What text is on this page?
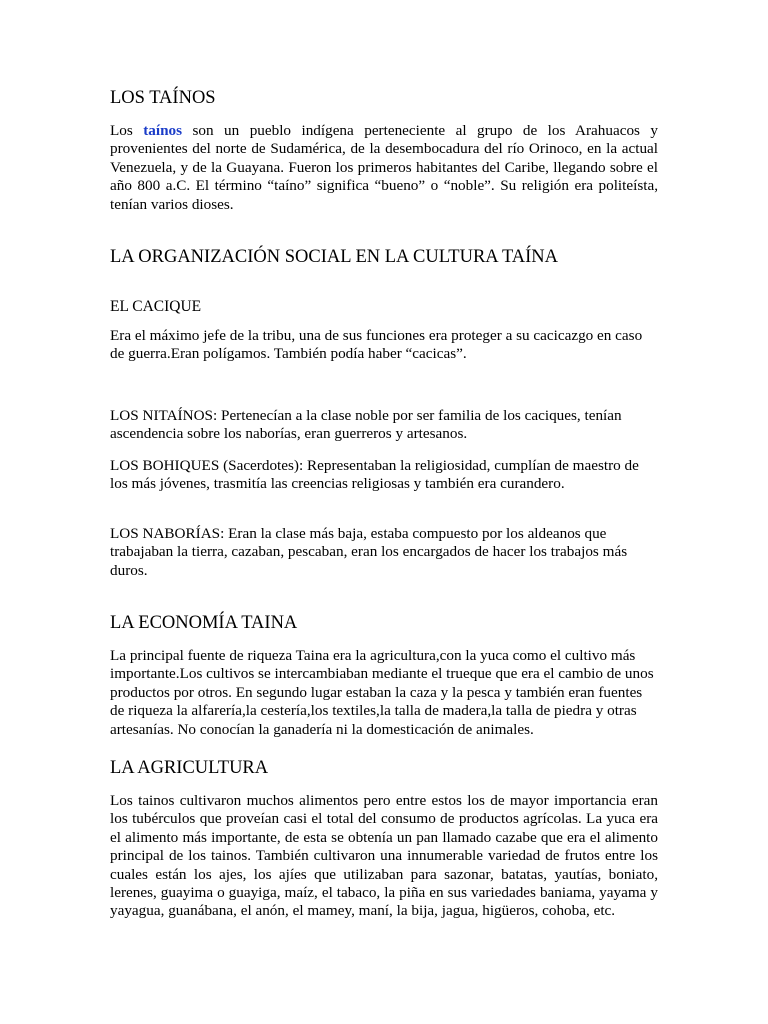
LOS TAÍNOS

Los taínos son un pueblo indígena perteneciente al grupo de los Arahuacos y provenientes del norte de Sudamérica, de la desembocadura del río Orinoco, en la actual Venezuela, y de la Guayana. Fueron los primeros habitantes del Caribe, llegando sobre el año 800 a.C. El término “taíno” significa “bueno” o “noble”. Su religión era politeísta, tenían varios dioses.

LA ORGANIZACIÓN SOCIAL EN LA CULTURA TAÍNA
EL CACIQUE

Era el máximo jefe de la tribu, una de sus funciones era proteger a su cacicazgo en caso de guerra.Eran polígamos. También podía haber “cacicas”.

LOS NITAÍNOS: Pertenecían a la clase noble por ser familia de los caciques, tenían ascendencia sobre los naborías, eran guerreros y artesanos.

LOS BOHIQUES (Sacerdotes): Representaban la religiosidad, cumplían de maestro de los más jóvenes, trasmitía las creencias religiosas y también era curandero.

LOS NABORÍAS: Eran la clase más baja, estaba compuesto por los aldeanos que trabajaban la tierra, cazaban, pescaban, eran los encargados de hacer los trabajos más duros.

LA ECONOMÍA TAINA

La principal fuente de riqueza Taina era la agricultura,con la yuca como el cultivo más importante.Los cultivos se intercambiaban mediante el trueque que era el cambio de unos productos por otros. En segundo lugar estaban la caza y la pesca y también eran fuentes de riqueza la alfarería,la cestería,los textiles,la talla de madera,la talla de piedra y otras artesanías. No conocían la ganadería ni la domesticación de animales.

LA AGRICULTURA

Los tainos cultivaron muchos alimentos pero entre estos los de mayor importancia eran los tubérculos que proveían casi el total del consumo de productos agrícolas. La yuca era el alimento más importante, de esta se obtenía un pan llamado cazabe que era el alimento principal de los tainos. También cultivaron una innumerable variedad de frutos entre los cuales están los ajes, los ajíes que utilizaban para sazonar, batatas, yautías, boniato, lerenes, guayima o guayiga, maíz, el tabaco, la piña en sus variedades baniama, yayama y yayagua, guanábana, el anón, el mamey, maní, la bija, jagua, higüeros, cohoba, etc.
